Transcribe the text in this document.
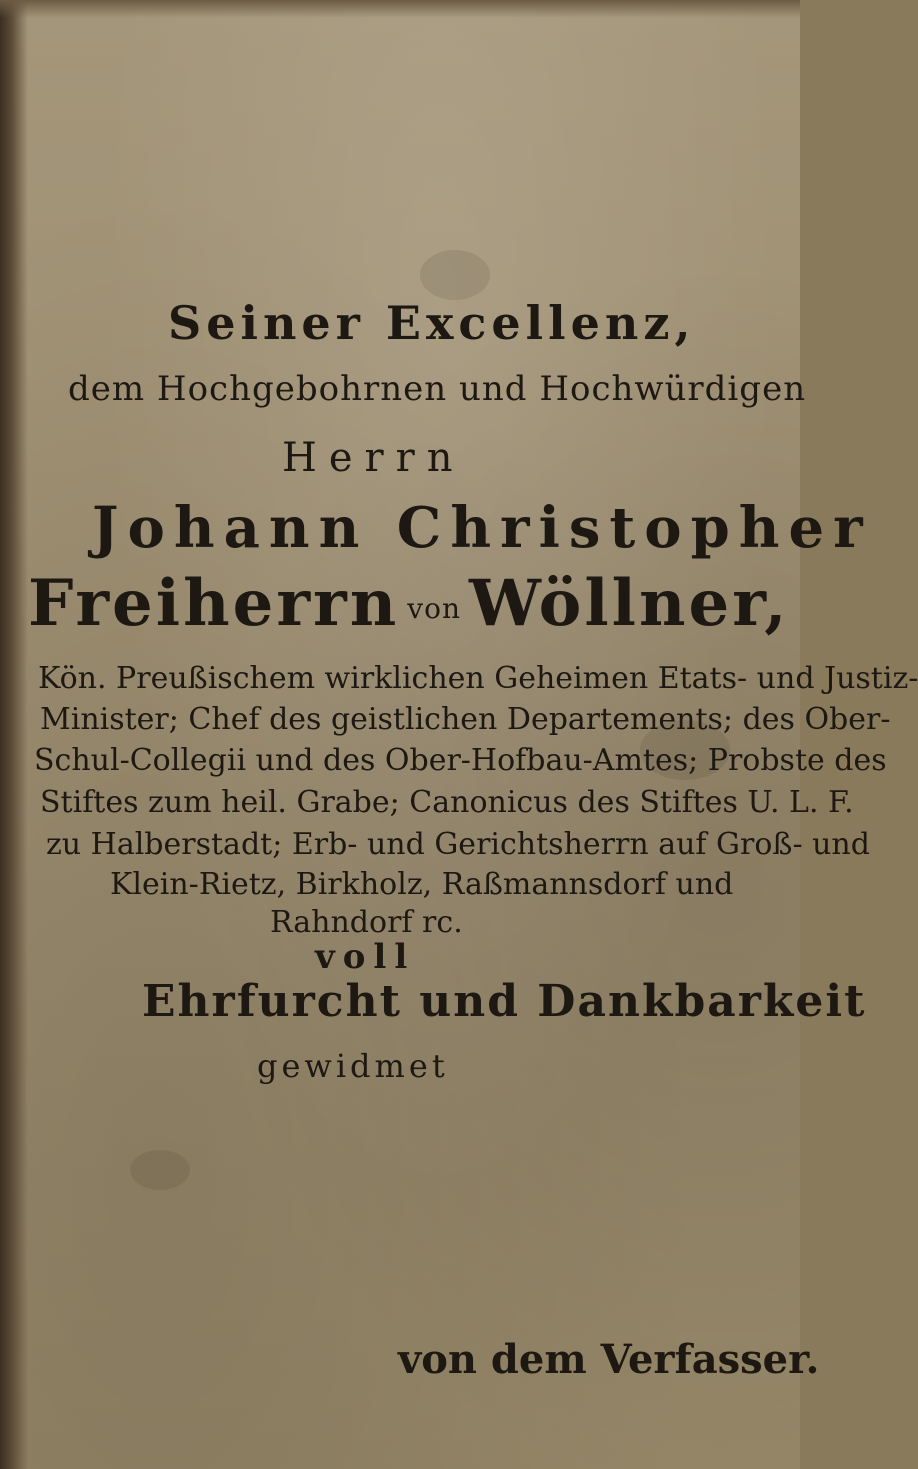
Seiner Excellenz,
dem Hochgebohrnen und Hochwürdigen
Herrn
Johann Christopher
Freiherrn von Wöllner,
Kön. Preußischem wirklichen Geheimen Etats- und Justiz-
Minister; Chef des geistlichen Departements; des Ober-
Schul-Collegii und des Ober-Hofbau-Amtes; Probste des
Stiftes zum heil. Grabe; Canonicus des Stiftes U. L. F.
zu Halberstadt; Erb- und Gerichtsherrn auf Groß- und
Klein-Rietz, Birkholz, Raßmannsdorf und
Rahndorf rc.
voll
Ehrfurcht und Dankbarkeit
gewidmet
von dem Verfasser.
